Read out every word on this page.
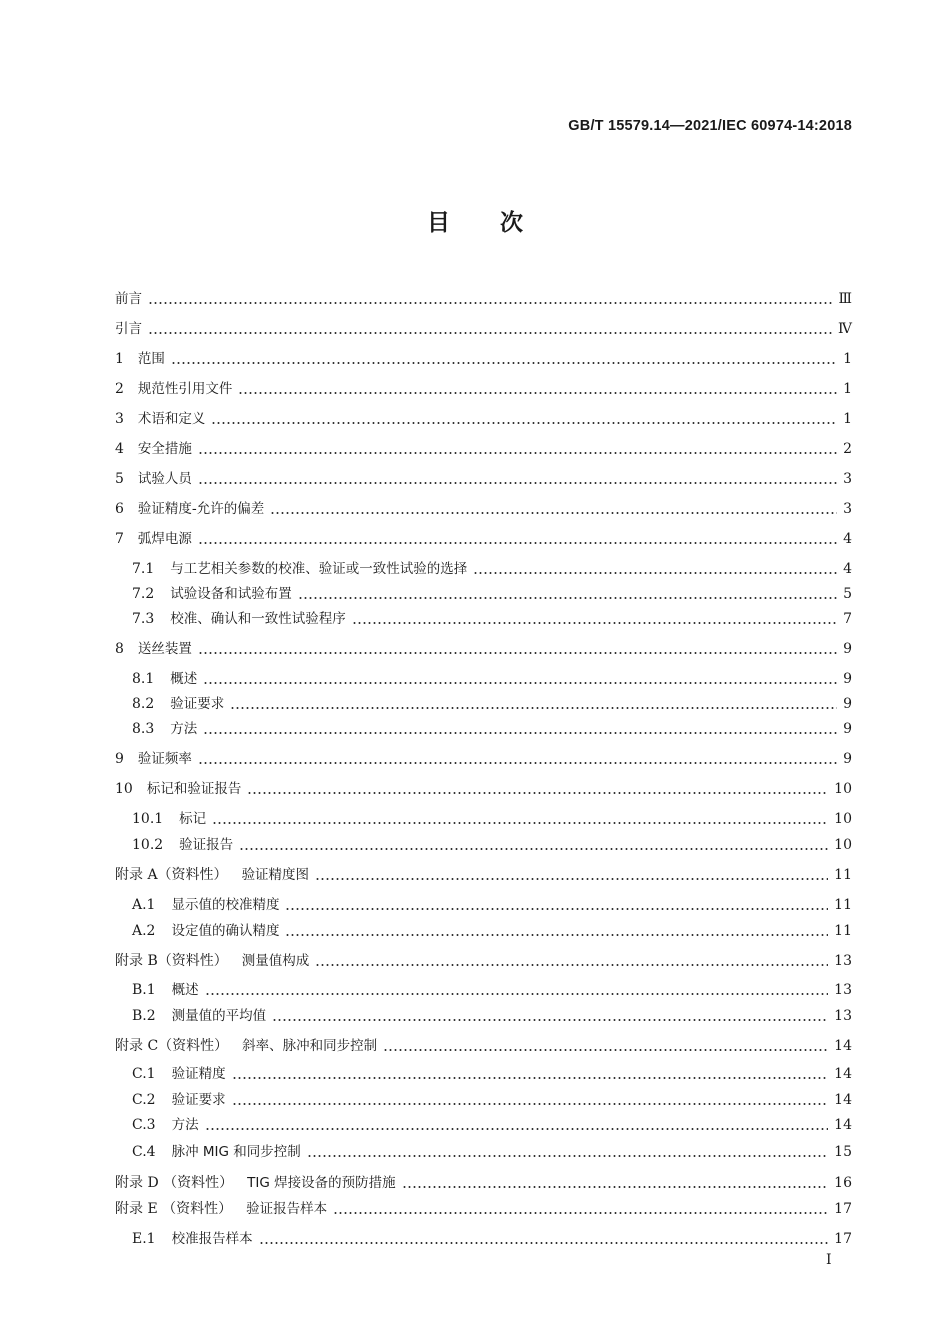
GB/T 15579.14—2021/IEC 60974-14:2018
目次
前言	Ⅲ
引言	Ⅳ
1 范围	1
2 规范性引用文件	1
3 术语和定义	1
4 安全措施	2
5 试验人员	3
6 验证精度-允许的偏差	3
7 弧焊电源	4
7.1 与工艺相关参数的校准、验证或一致性试验的选择	4
7.2 试验设备和试验布置	5
7.3 校准、确认和一致性试验程序	7
8 送丝装置	9
8.1 概述	9
8.2 验证要求	9
8.3 方法	9
9 验证频率	9
10 标记和验证报告	10
10.1 标记	10
10.2 验证报告	10
附录 A（资料性） 验证精度图	11
A.1 显示值的校准精度	11
A.2 设定值的确认精度	11
附录 B（资料性） 测量值构成	13
B.1 概述	13
B.2 测量值的平均值	13
附录 C（资料性） 斜率、脉冲和同步控制	14
C.1 验证精度	14
C.2 验证要求	14
C.3 方法	14
C.4 脉冲 MIG 和同步控制	15
附录 D （资料性） TIG 焊接设备的预防措施	16
附录 E （资料性） 验证报告样本	17
E.1 校准报告样本	17
I
